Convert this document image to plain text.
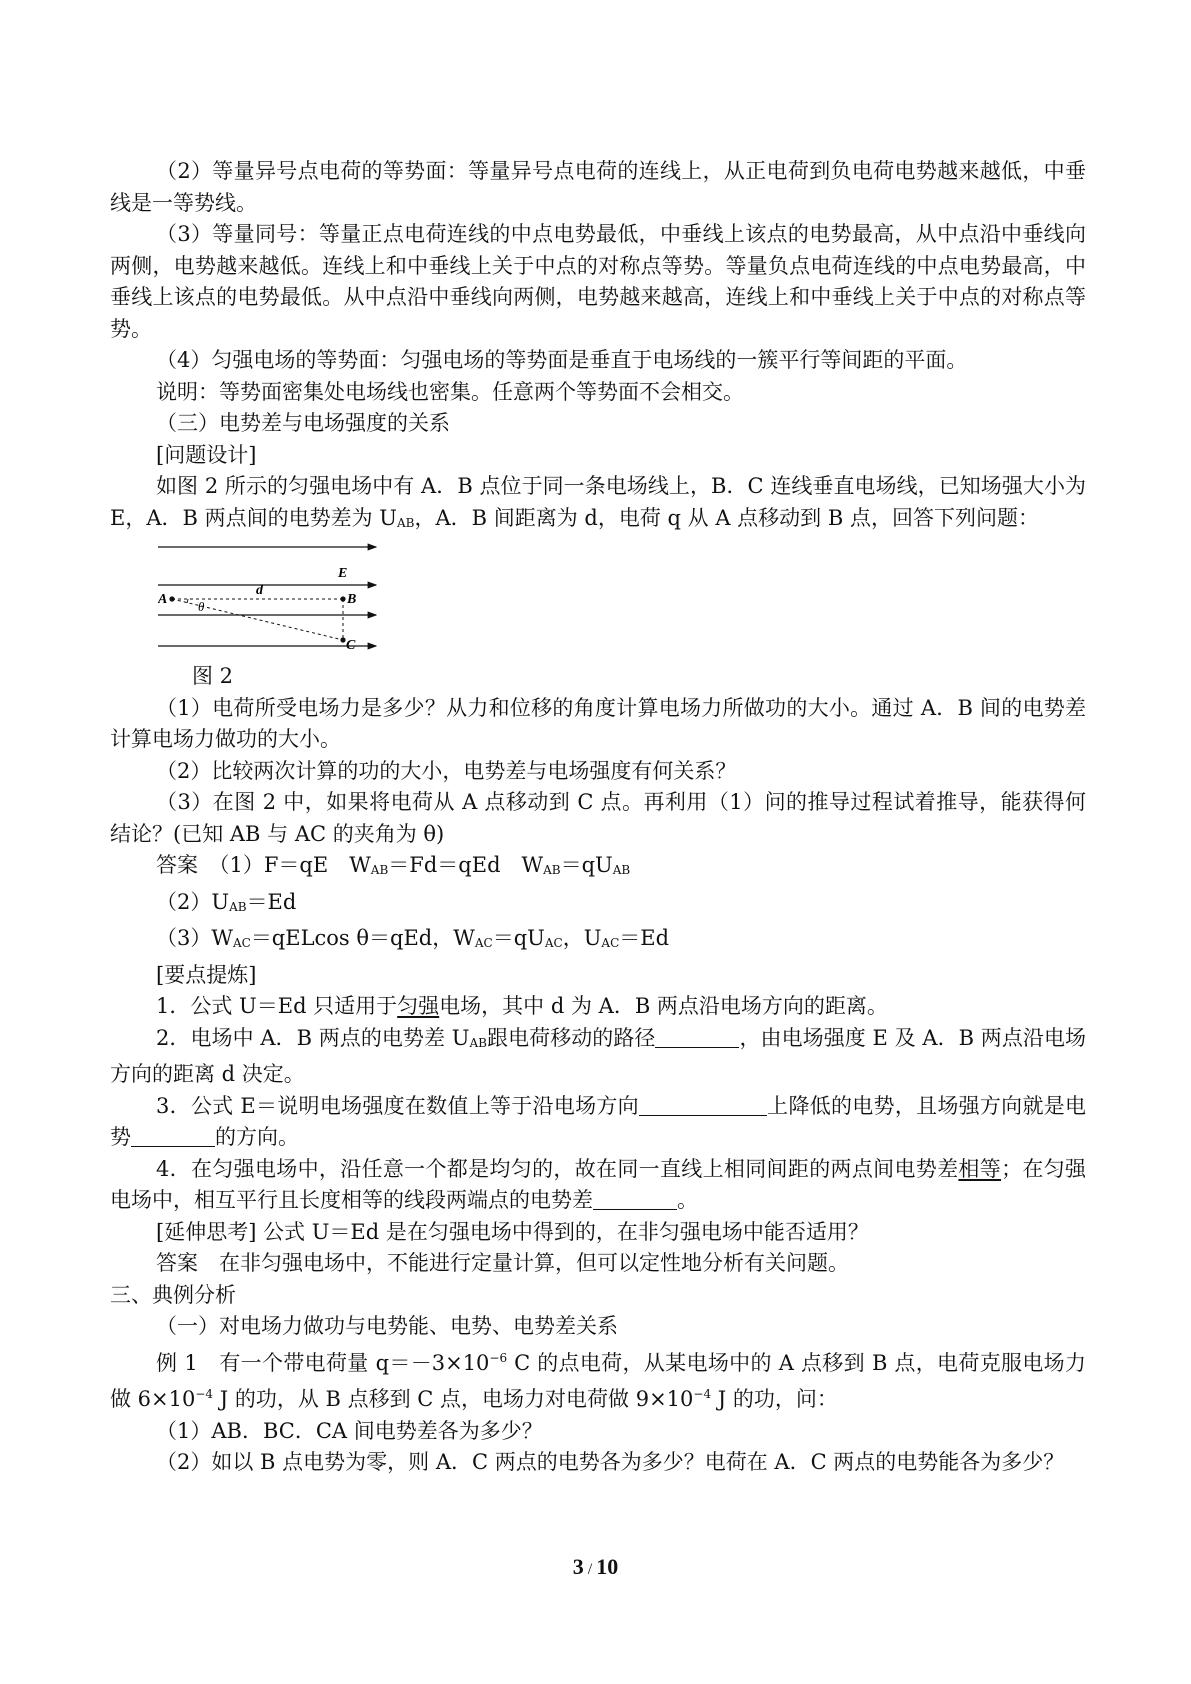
（2）等量异号点电荷的等势面：等量异号点电荷的连线上，从正电荷到负电荷电势越来越低，中垂线是一等势线。

（3）等量同号：等量正点电荷连线的中点电势最低，中垂线上该点的电势最高，从中点沿中垂线向两侧，电势越来越低。连线上和中垂线上关于中点的对称点等势。等量负点电荷连线的中点电势最高，中垂线上该点的电势最低。从中点沿中垂线向两侧，电势越来越高，连线上和中垂线上关于中点的对称点等势。

（4）匀强电场的等势面：匀强电场的等势面是垂直于电场线的一簇平行等间距的平面。

说明：等势面密集处电场线也密集。任意两个等势面不会相交。

（三）电势差与电场强度的关系

[问题设计]

如图 2 所示的匀强电场中有 A．B 点位于同一条电场线上，B．C 连线垂直电场线，已知场强大小为 E，A．B 两点间的电势差为 $U_{AB}$，A．B 间距离为 d，电荷 q 从 A 点移动到 B 点，回答下列问题：

E
A	B
C
d
θ

图 2

（1）电荷所受电场力是多少？从力和位移的角度计算电场力所做功的大小。通过 A．B 间的电势差计算电场力做功的大小。

（2）比较两次计算的功的大小，电势差与电场强度有何关系？

（3）在图 2 中，如果将电荷从 A 点移动到 C 点。再利用（1）问的推导过程试着推导，能获得何结论？(已知 AB 与 AC 的夹角为 θ)

答案　（1）F＝qE　$W_{AB}=Fd=qEd$　$W_{AB}=qU_{AB}$

$(2)U_{AB}=Ed$

$(3)W_{AC}=qELcos$ θ＝qEd，$W_{AC}=qU_{AC}$，$U_{AC}=Ed$

[要点提炼]

1．公式 U＝Ed 只适用于匀强电场，其中 d 为 A．B 两点沿电场方向的距离。

2．电场中 A．B 两点的电势差 $U_{AB}$跟电荷移动的路径	，由电场强度 E 及 A．B 两点沿电场方向的距离 d 决定。

3．公式 E＝说明电场强度在数值上等于沿电场方向	上降低的电势，且场强方向就是电势	的方向。

4．在匀强电场中，沿任意一个都是均匀的，故在同一直线上相同间距的两点间电势差相等；在匀强电场中，相互平行且长度相等的线段两端点的电势差	。

[延伸思考] 公式 U＝Ed 是在匀强电场中得到的，在非匀强电场中能否适用？

答案　在非匀强电场中，不能进行定量计算，但可以定性地分析有关问题。

三、典例分析

（一）对电场力做功与电势能、电势、电势差关系

例 1　有一个带电荷量 $q=-3\times 10^{-6}$ C 的点电荷，从某电场中的 A 点移到 B 点，电荷克服电场力做 $6\times 10^{-4}$ J 的功，从 B 点移到 C 点，电场力对电荷做 $9\times 10^{-4}$ J 的功，问：

（1）AB．BC．CA 间电势差各为多少？

（2）如以 B 点电势为零，则 A．C 两点的电势各为多少？电荷在 A．C 两点的电势能各为多少？

3 / 10
